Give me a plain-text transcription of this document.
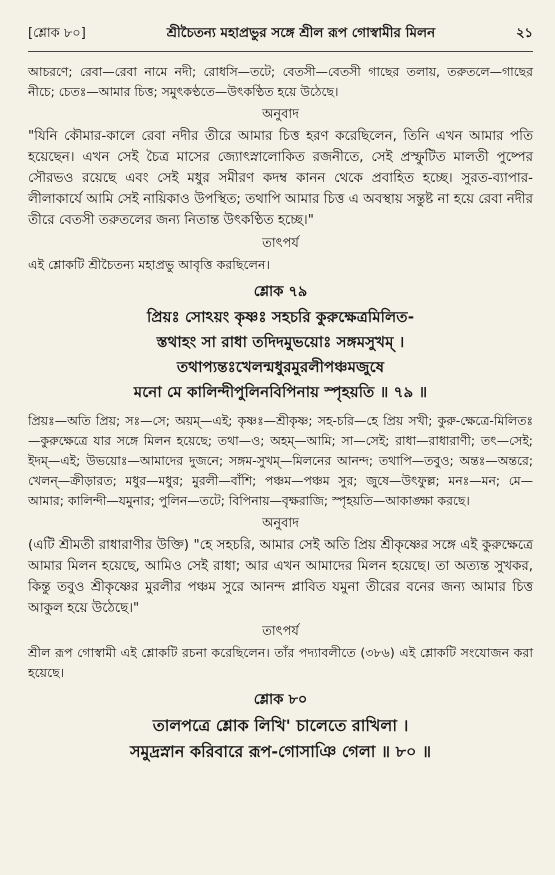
[শ্লোক ৮০]	শ্রীচৈতন্য মহাপ্রভুর সঙ্গে শ্রীল রূপ গোস্বামীর মিলন	২১

আচরণে; রেবা—রেবা নামে নদী; রোধসি—তটে; বেতসী—বেতসী গাছের তলায়, তরুতলে—গাছের নীচে; চেতঃ—আমার চিত্ত; সমুৎকণ্ঠতে—উৎকণ্ঠিত হয়ে উঠেছে।

অনুবাদ

"যিনি কৌমার-কালে রেবা নদীর তীরে আমার চিত্ত হরণ করেছিলেন, তিনি এখন আমার পতি হয়েছেন। এখন সেই চৈত্র মাসের জ্যোৎস্নালোকিত রজনীতে, সেই প্রস্ফুটিত মালতী পুষ্পের সৌরভও রয়েছে এবং সেই মধুর সমীরণ কদম্ব কানন থেকে প্রবাহিত হচ্ছে। সুরত-ব্যাপার-লীলাকার্যে আমি সেই নায়িকাও উপস্থিত; তথাপি আমার চিত্ত এ অবস্থায় সন্তুষ্ট না হয়ে রেবা নদীর তীরে বেতসী তরুতলের জন্য নিতান্ত উৎকণ্ঠিত হচ্ছে।"

তাৎপর্য

এই শ্লোকটি শ্রীচৈতন্য মহাপ্রভু আবৃত্তি করছিলেন।

শ্লোক ৭৯
প্রিয়ঃ সোঽয়ং কৃষ্ণঃ সহচরি কুরুক্ষেত্রমিলিত-
স্তথাহং সা রাধা তদিদমুভয়োঃ সঙ্গমসুখম্ ।
তথাপ্যন্তঃখেলন্মধুরমুরলীপঞ্চমজুষে
মনো মে কালিন্দীপুলিনবিপিনায় স্পৃহয়তি ॥ ৭৯ ॥

প্রিয়ঃ—অতি প্রিয়; সঃ—সে; অয়ম্—এই; কৃষ্ণঃ—শ্রীকৃষ্ণ; সহ-চরি—হে প্রিয় সখী; কুরু-ক্ষেত্রে-মিলিতঃ—কুরুক্ষেত্রে যার সঙ্গে মিলন হয়েছে; তথা—ও; অহম্—আমি; সা—সেই; রাধা—রাধারাণী; তৎ—সেই; ইদম্—এই; উভয়োঃ—আমাদের দুজনে; সঙ্গম-সুখম্—মিলনের আনন্দ; তথাপি—তবুও; অন্তঃ—অন্তরে; খেলন্—ক্রীড়ারত; মধুর—মধুর; মুরলী—বাঁশি; পঞ্চম—পঞ্চম সুর; জুষে—উৎফুল্ল; মনঃ—মন; মে—আমার; কালিন্দী—যমুনার; পুলিন—তটে; বিপিনায়—বৃক্ষরাজি; স্পৃহয়তি—আকাঙ্ক্ষা করছে।

অনুবাদ

(এটি শ্রীমতী রাধারাণীর উক্তি) "হে সহচরি, আমার সেই অতি প্রিয় শ্রীকৃষ্ণের সঙ্গে এই কুরুক্ষেত্রে আমার মিলন হয়েছে, আমিও সেই রাধা; আর এখন আমাদের মিলন হয়েছে। তা অত্যন্ত সুখকর, কিন্তু তবুও শ্রীকৃষ্ণের মুরলীর পঞ্চম সুরে আনন্দ প্লাবিত যমুনা তীরের বনের জন্য আমার চিত্ত আকুল হয়ে উঠেছে।"

তাৎপর্য

শ্রীল রূপ গোস্বামী এই শ্লোকটি রচনা করেছিলেন। তাঁর পদ্যাবলীতে (৩৮৬) এই শ্লোকটি সংযোজন করা হয়েছে।

শ্লোক ৮০
তালপত্রে শ্লোক লিখি' চালেতে রাখিলা ।
সমুদ্রস্নান করিবারে রূপ-গোসাঞি গেলা ॥ ৮০ ॥
